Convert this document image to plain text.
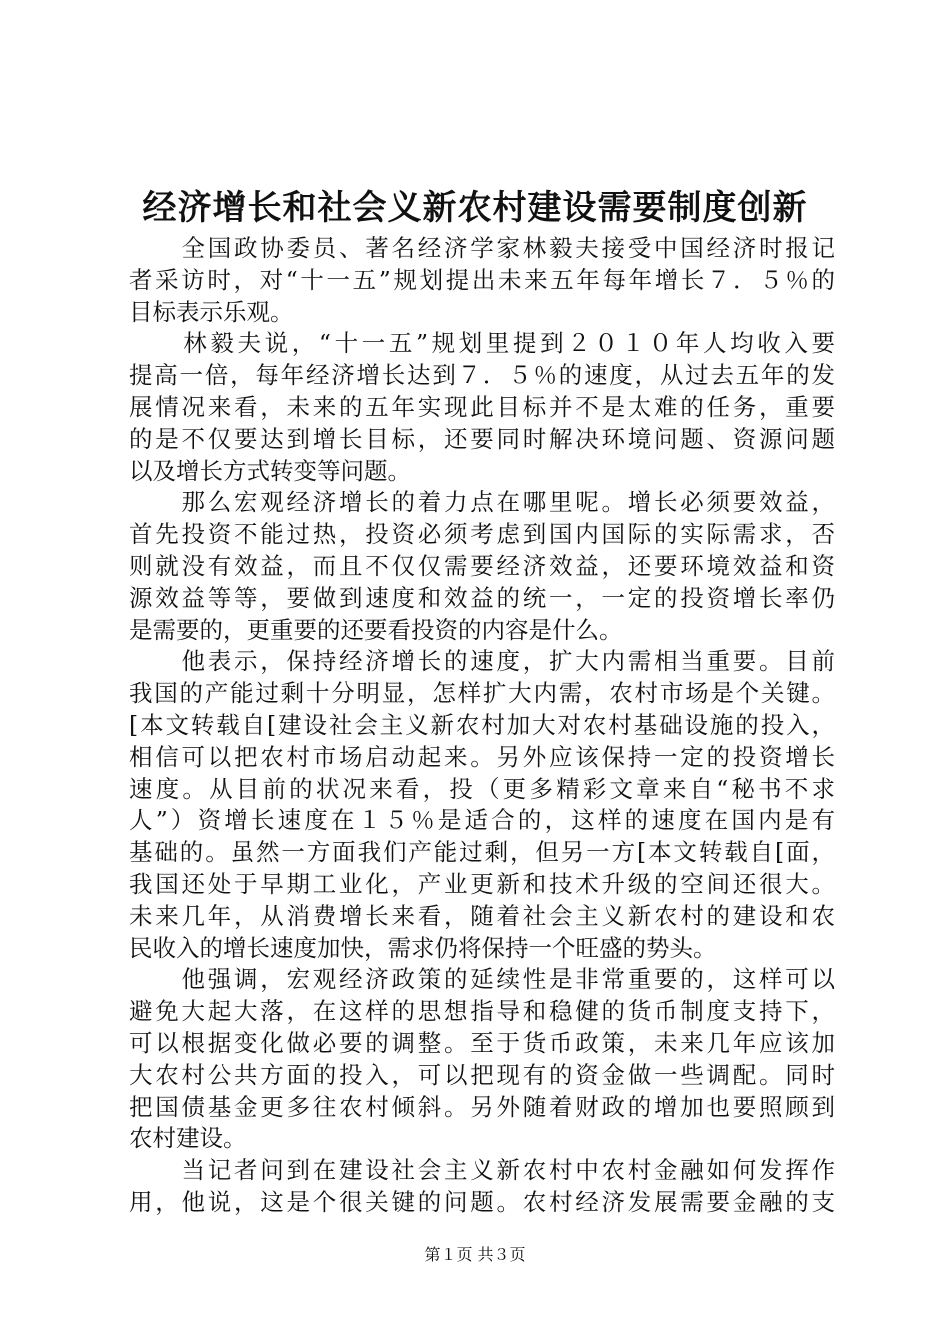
经济增长和社会义新农村建设需要制度创新

　　全国政协委员、著名经济学家林毅夫接受中国经济时报记
者采访时，对“十一五”规划提出未来五年每年增长７．５％的
目标表示乐观。

　　林毅夫说，“十一五”规划里提到２０１０年人均收入要
提高一倍，每年经济增长达到７．５％的速度，从过去五年的发
展情况来看，未来的五年实现此目标并不是太难的任务，重要
的是不仅要达到增长目标，还要同时解决环境问题、资源问题
以及增长方式转变等问题。

　　那么宏观经济增长的着力点在哪里呢。增长必须要效益，
首先投资不能过热，投资必须考虑到国内国际的实际需求，否
则就没有效益，而且不仅仅需要经济效益，还要环境效益和资
源效益等等，要做到速度和效益的统一，一定的投资增长率仍
是需要的，更重要的还要看投资的内容是什么。

　　他表示，保持经济增长的速度，扩大内需相当重要。目前
我国的产能过剩十分明显，怎样扩大内需，农村市场是个关键。
[本文转载自[建设社会主义新农村加大对农村基础设施的投入，
相信可以把农村市场启动起来。另外应该保持一定的投资增长
速度。从目前的状况来看，投（更多精彩文章来自“秘书不求
人”）资增长速度在１５％是适合的，这样的速度在国内是有
基础的。虽然一方面我们产能过剩，但另一方[本文转载自[面，
我国还处于早期工业化，产业更新和技术升级的空间还很大。
未来几年，从消费增长来看，随着社会主义新农村的建设和农
民收入的增长速度加快，需求仍将保持一个旺盛的势头。

　　他强调，宏观经济政策的延续性是非常重要的，这样可以
避免大起大落，在这样的思想指导和稳健的货币制度支持下，
可以根据变化做必要的调整。至于货币政策，未来几年应该加
大农村公共方面的投入，可以把现有的资金做一些调配。同时
把国债基金更多往农村倾斜。另外随着财政的增加也要照顾到
农村建设。

　　当记者问到在建设社会主义新农村中农村金融如何发挥作
用，他说，这是个很关键的问题。农村经济发展需要金融的支

第１页 共３页
